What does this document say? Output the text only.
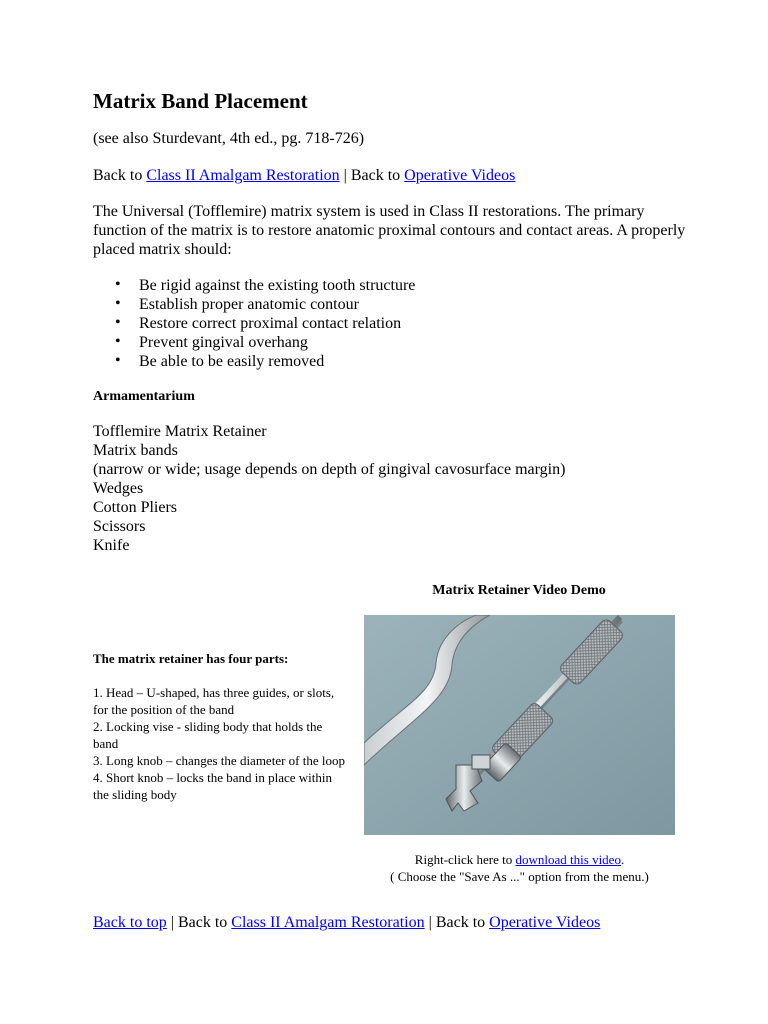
Matrix Band Placement
(see also Sturdevant, 4th ed., pg. 718-726)
Back to Class II Amalgam Restoration | Back to Operative Videos
The Universal (Tofflemire) matrix system is used in Class II restorations. The primary function of the matrix is to restore anatomic proximal contours and contact areas. A properly placed matrix should:
• Be rigid against the existing tooth structure
• Establish proper anatomic contour
• Restore correct proximal contact relation
• Prevent gingival overhang
• Be able to be easily removed
Armamentarium
Tofflemire Matrix Retainer
Matrix bands
(narrow or wide; usage depends on depth of gingival cavosurface margin)
Wedges
Cotton Pliers
Scissors
Knife
Matrix Retainer Video Demo
The matrix retainer has four parts:
1. Head – U-shaped, has three guides, or slots, for the position of the band
2. Locking vise - sliding body that holds the band
3. Long knob – changes the diameter of the loop
4. Short knob – locks the band in place within the sliding body
Right-click here to download this video.
( Choose the "Save As ..." option from the menu.)
Back to top | Back to Class II Amalgam Restoration | Back to Operative Videos
